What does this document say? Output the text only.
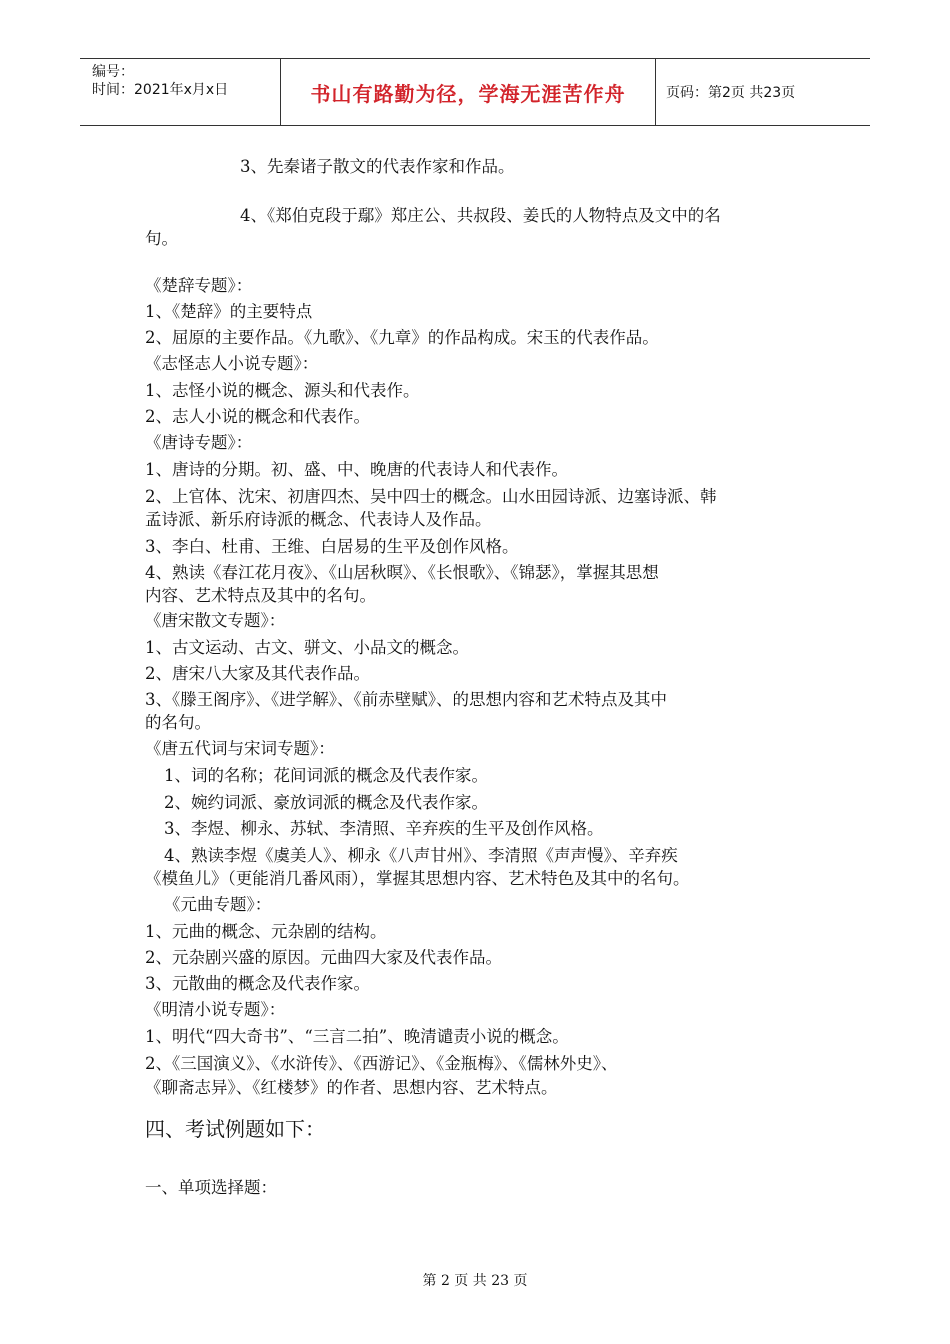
编号：
时间：2021年x月x日	书山有路勤为径，学海无涯苦作舟	页码：第2页 共23页
3、先秦诸子散文的代表作家和作品。
4、《郑伯克段于鄢》郑庄公、共叔段、姜氏的人物特点及文中的名
句。
《楚辞专题》：
1、《楚辞》的主要特点
2、屈原的主要作品。《九歌》、《九章》的作品构成。宋玉的代表作品。
《志怪志人小说专题》：
1、志怪小说的概念、源头和代表作。
2、志人小说的概念和代表作。
《唐诗专题》：
1、唐诗的分期。初、盛、中、晚唐的代表诗人和代表作。
2、上官体、沈宋、初唐四杰、吴中四士的概念。山水田园诗派、边塞诗派、韩
孟诗派、新乐府诗派的概念、代表诗人及作品。
3、李白、杜甫、王维、白居易的生平及创作风格。
4、熟读《春江花月夜》、《山居秋暝》、《长恨歌》、《锦瑟》，掌握其思想
内容、艺术特点及其中的名句。
《唐宋散文专题》：
1、古文运动、古文、骈文、小品文的概念。
2、唐宋八大家及其代表作品。
3、《滕王阁序》、《进学解》、《前赤壁赋》、的思想内容和艺术特点及其中
的名句。
《唐五代词与宋词专题》：
1、词的名称；花间词派的概念及代表作家。
2、婉约词派、豪放词派的概念及代表作家。
3、李煜、柳永、苏轼、李清照、辛弃疾的生平及创作风格。
4、熟读李煜《虞美人》、柳永《八声甘州》、李清照《声声慢》、辛弃疾
《模鱼儿》（更能消几番风雨），掌握其思想内容、艺术特色及其中的名句。
《元曲专题》：
1、元曲的概念、元杂剧的结构。
2、元杂剧兴盛的原因。元曲四大家及代表作品。
3、元散曲的概念及代表作家。
《明清小说专题》：
1、明代“四大奇书”、“三言二拍”、晚清谴责小说的概念。
2、《三国演义》、《水浒传》、《西游记》、《金瓶梅》、《儒林外史》、
《聊斋志异》、《红楼梦》的作者、思想内容、艺术特点。
四、考试例题如下：
一、单项选择题：
第 2 页 共 23 页
